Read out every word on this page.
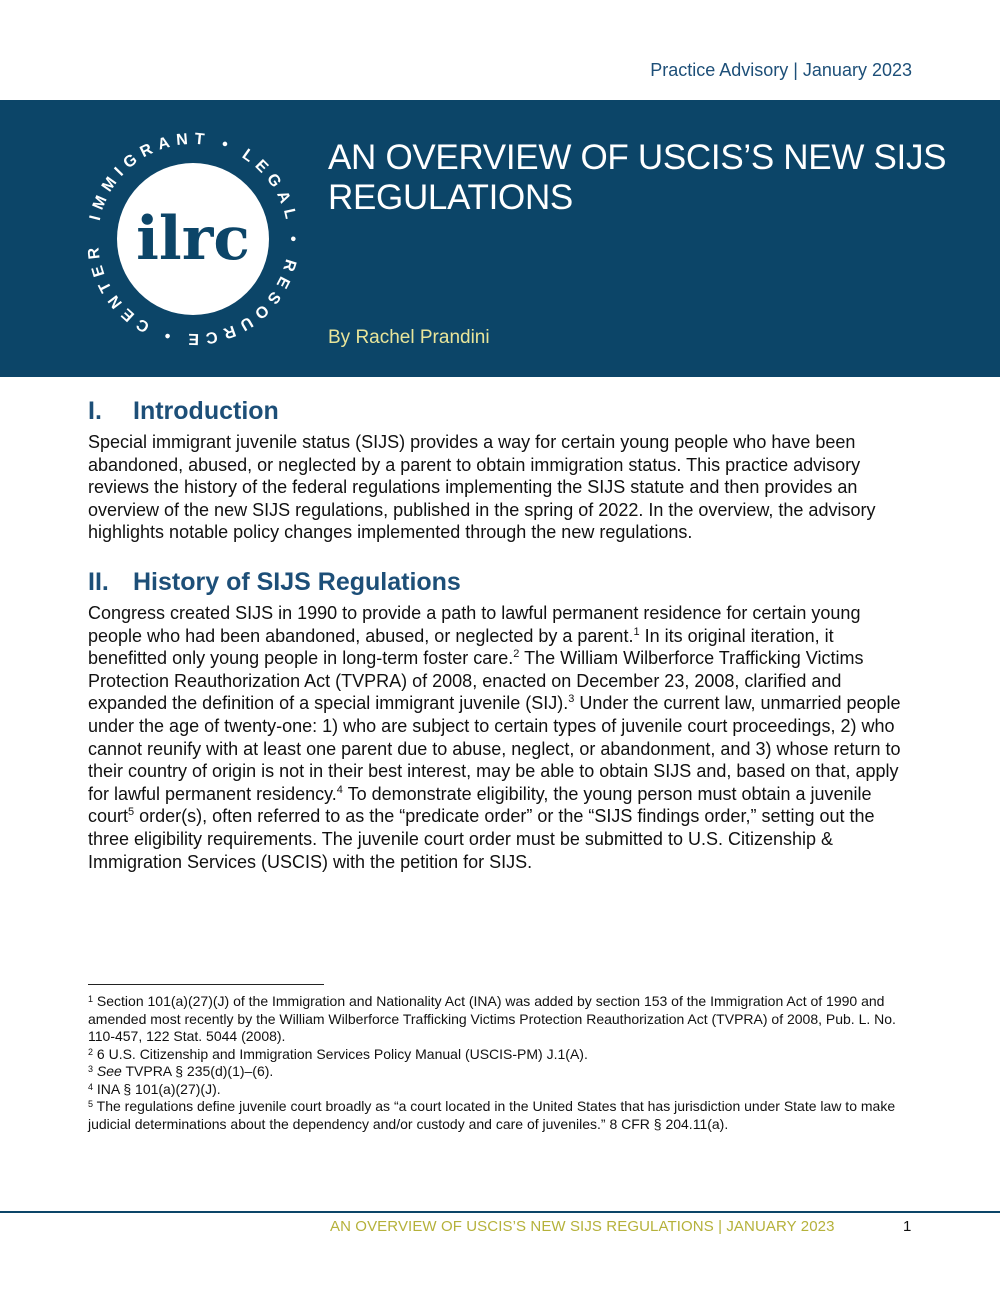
Practice Advisory | January 2023
IMMIGRANT • LEGAL • RESOURCE • CENTER ilrc
AN OVERVIEW OF USCIS’S NEW SIJS REGULATIONS
By Rachel Prandini
I. Introduction

Special immigrant juvenile status (SIJS) provides a way for certain young people who have been abandoned, abused, or neglected by a parent to obtain immigration status. This practice advisory reviews the history of the federal regulations implementing the SIJS statute and then provides an overview of the new SIJS regulations, published in the spring of 2022. In the overview, the advisory highlights notable policy changes implemented through the new regulations.

II. History of SIJS Regulations

Congress created SIJS in 1990 to provide a path to lawful permanent residence for certain young people who had been abandoned, abused, or neglected by a parent.$^1$ In its original iteration, it benefitted only young people in long-term foster care.$^2$ The William Wilberforce Trafficking Victims Protection Reauthorization Act (TVPRA) of 2008, enacted on December 23, 2008, clarified and expanded the definition of a special immigrant juvenile (SIJ).$^3$ Under the current law, unmarried people under the age of twenty-one: 1) who are subject to certain types of juvenile court proceedings, 2) who cannot reunify with at least one parent due to abuse, neglect, or abandonment, and 3) whose return to their country of origin is not in their best interest, may be able to obtain SIJS and, based on that, apply for lawful permanent residency.$^4$ To demonstrate eligibility, the young person must obtain a juvenile court$^5$ order(s), often referred to as the “predicate order” or the “SIJS findings order,” setting out the three eligibility requirements. The juvenile court order must be submitted to U.S. Citizenship & Immigration Services (USCIS) with the petition for SIJS.

$^1$ Section 101(a)(27)(J) of the Immigration and Nationality Act (INA) was added by section 153 of the Immigration Act of 1990 and amended most recently by the William Wilberforce Trafficking Victims Protection Reauthorization Act (TVPRA) of 2008, Pub. L. No. 110-457, 122 Stat. 5044 (2008).

$^2$ 6 U.S. Citizenship and Immigration Services Policy Manual (USCIS-PM) J.1(A).

$^3$ See TVPRA § 235(d)(1)–(6).

$^4$ INA § 101(a)(27)(J).

$^5$ The regulations define juvenile court broadly as “a court located in the United States that has jurisdiction under State law to make judicial determinations about the dependency and/or custody and care of juveniles.” 8 CFR § 204.11(a).

AN OVERVIEW OF USCIS’S NEW SIJS REGULATIONS | JANUARY 2023	1
